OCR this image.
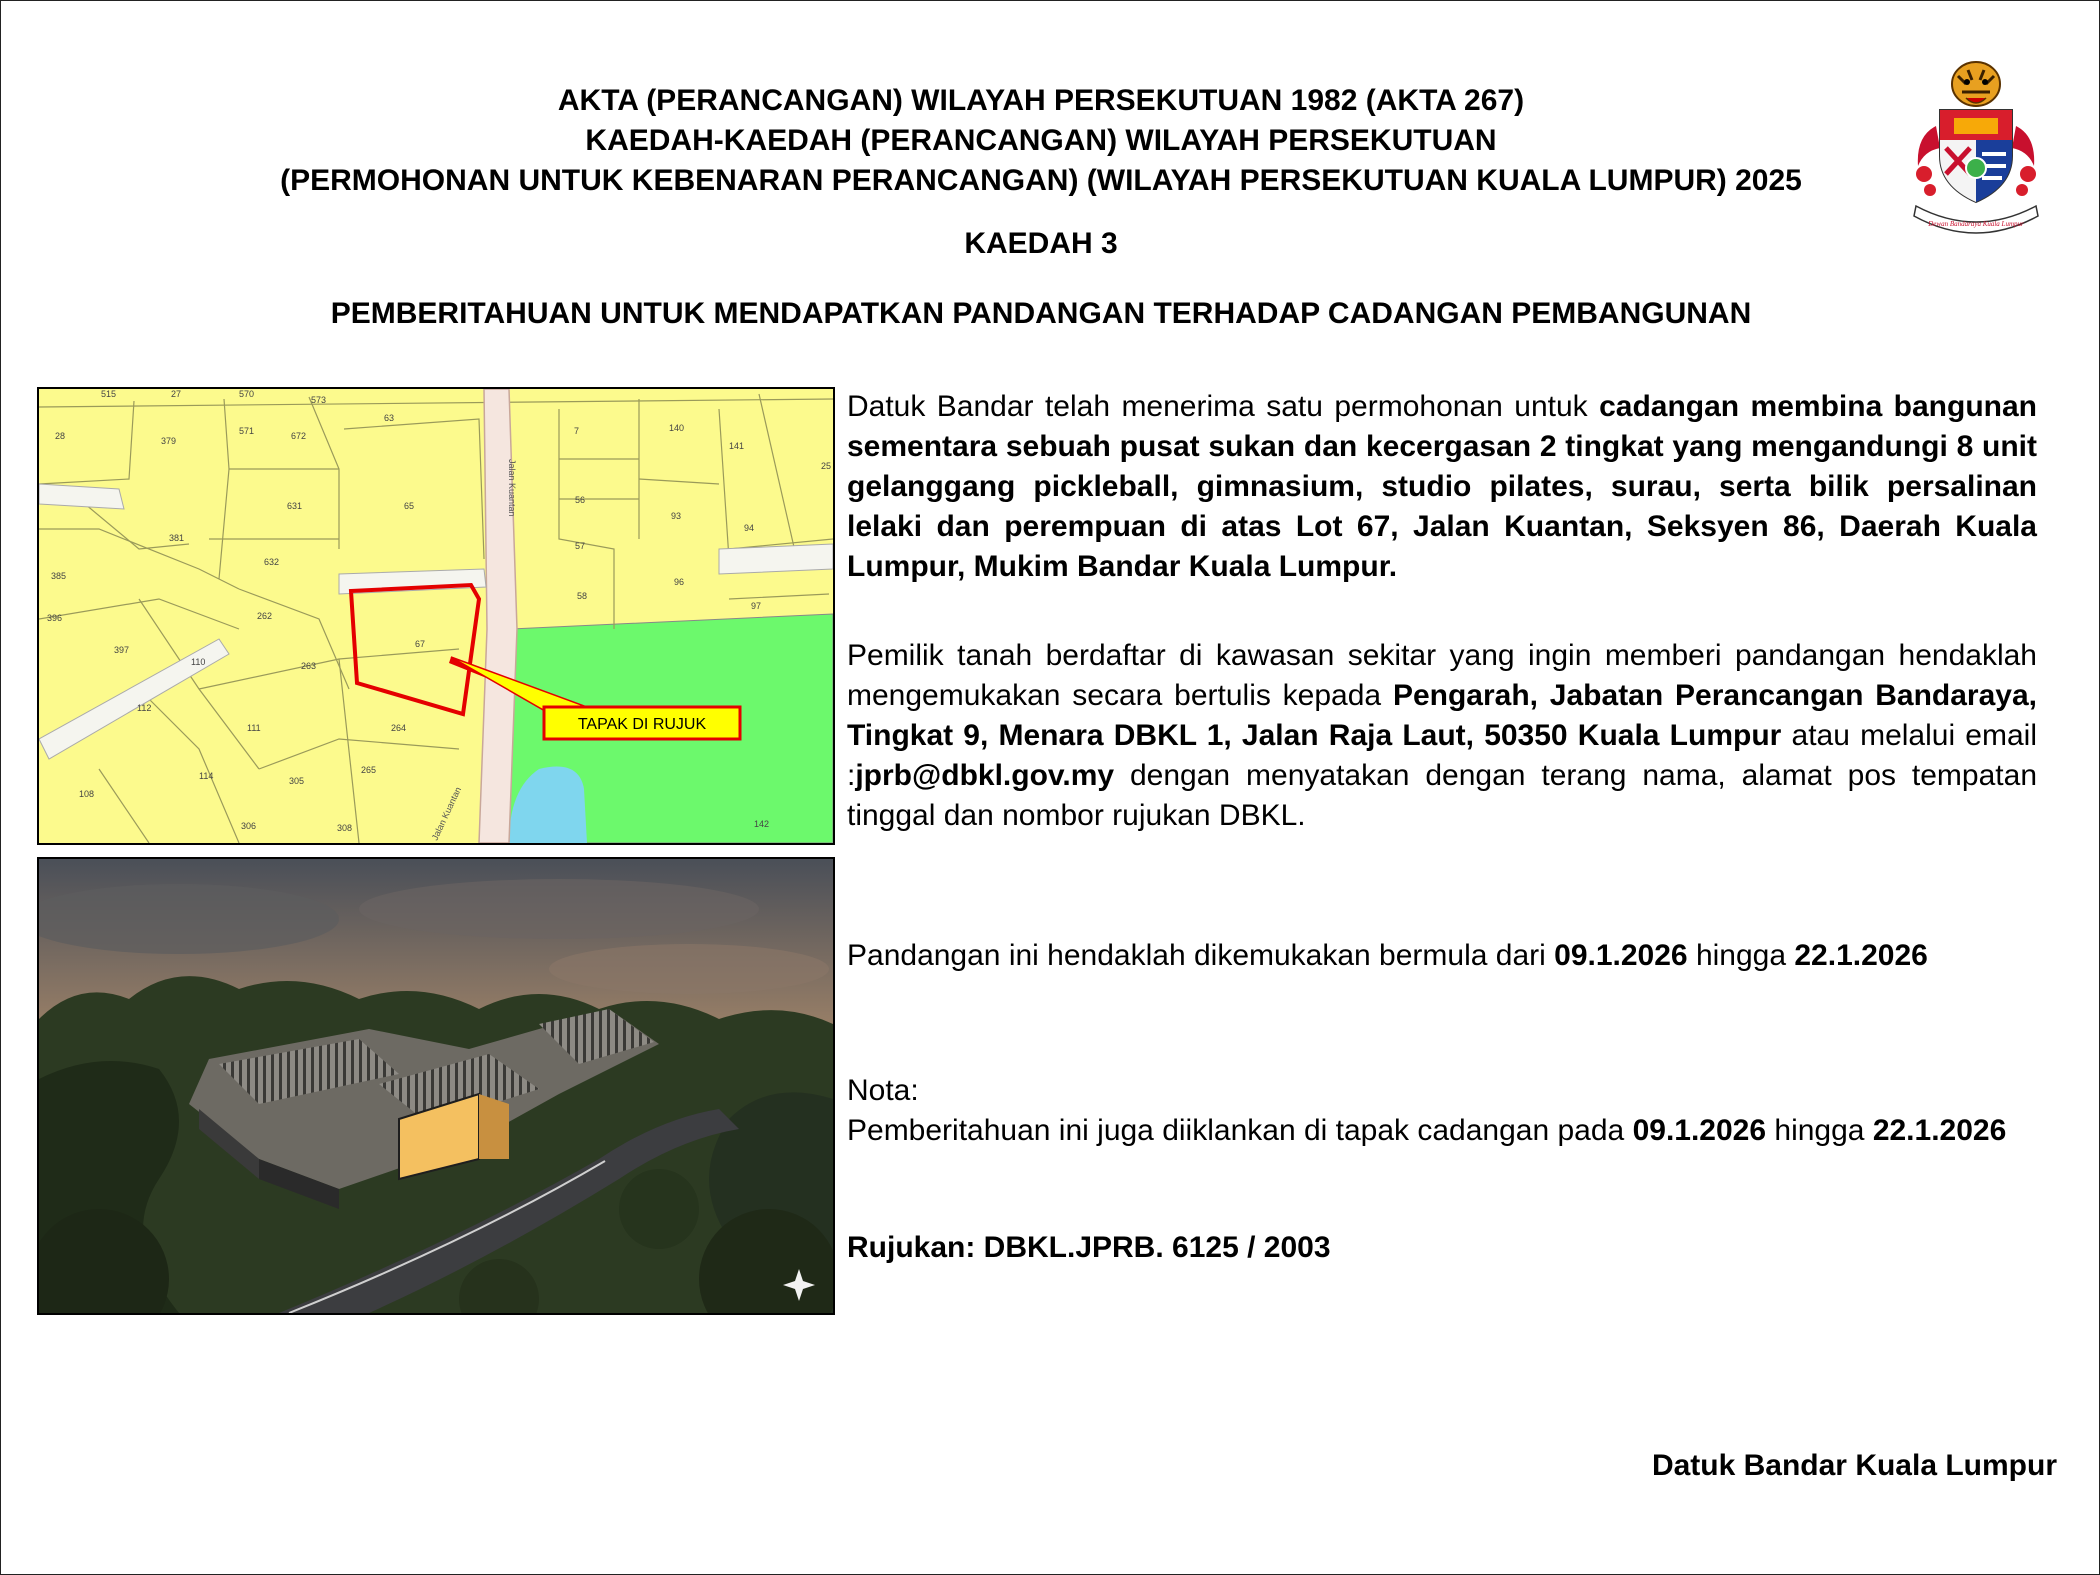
AKTA (PERANCANGAN) WILAYAH PERSEKUTUAN 1982 (AKTA 267)
KAEDAH-KAEDAH (PERANCANGAN) WILAYAH PERSEKUTUAN
(PERMOHONAN UNTUK KEBENARAN PERANCANGAN) (WILAYAH PERSEKUTUAN KUALA LUMPUR) 2025
KAEDAH 3
PEMBERITAHUAN UNTUK MENDAPATKAN PANDANGAN TERHADAP CADANGAN PEMBANGUNAN
Dewan Bandaraya Kuala Lumpur
Jalan Kuantan
Jalan Kuantan
515	27	570
573
28	379
571	672
63
7	140
141
631	65
56
93
94
381
632
57
96
385
262
58
97
396
397
110	263
112
111	264
114	305
265
108
306	308	142
25
67
TAPAK DI RUJUK

Datuk Bandar telah menerima satu permohonan untuk cadangan membina bangunan sementara sebuah pusat sukan dan kecergasan 2 tingkat yang mengandungi 8 unit gelanggang pickleball, gimnasium, studio pilates, surau, serta bilik persalinan lelaki dan perempuan di atas Lot 67, Jalan Kuantan, Seksyen 86, Daerah Kuala Lumpur, Mukim Bandar Kuala Lumpur.

Pemilik tanah berdaftar di kawasan sekitar yang ingin memberi pandangan hendaklah mengemukakan secara bertulis kepada Pengarah, Jabatan Perancangan Bandaraya, Tingkat 9, Menara DBKL 1, Jalan Raja Laut, 50350 Kuala Lumpur atau melalui email :jprb@dbkl.gov.my dengan menyatakan dengan terang nama, alamat pos tempatan tinggal dan nombor rujukan DBKL.

Pandangan ini hendaklah dikemukakan bermula dari 09.1.2026 hingga 22.1.2026

Nota:

Pemberitahuan ini juga diiklankan di tapak cadangan pada 09.1.2026 hingga 22.1.2026

Rujukan: DBKL.JPRB. 6125 / 2003

Datuk Bandar Kuala Lumpur
